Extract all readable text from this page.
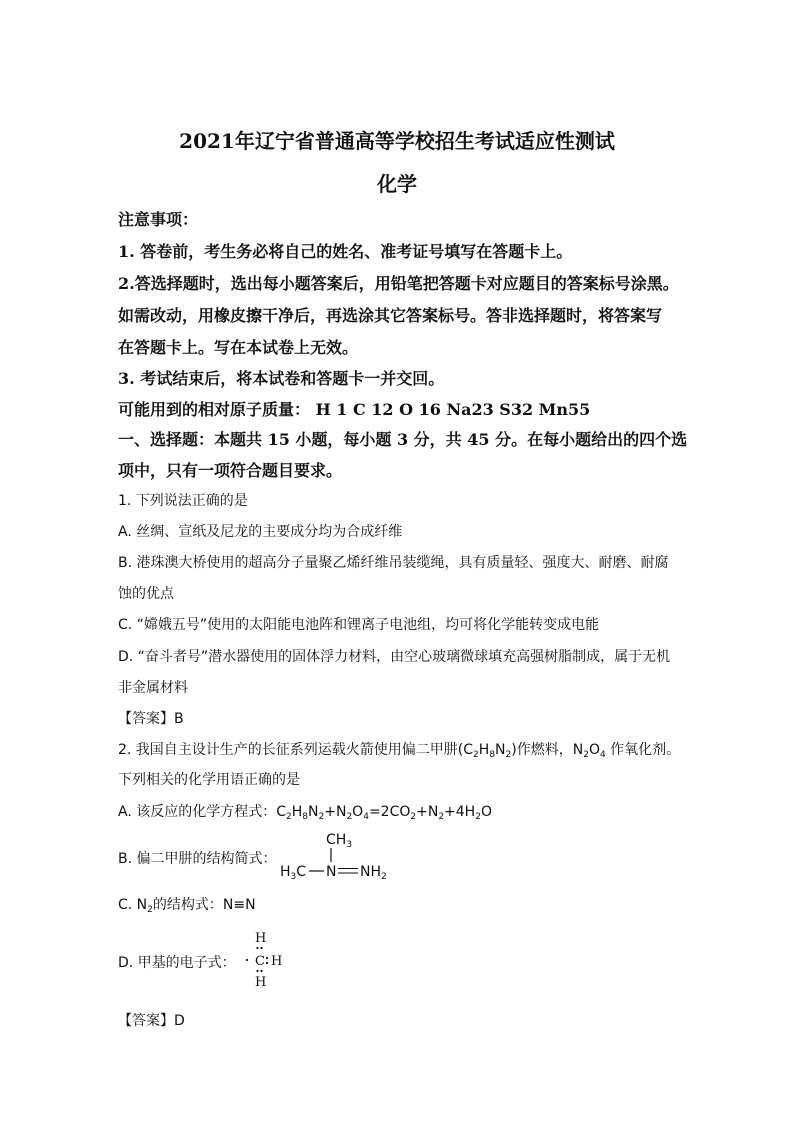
2021年辽宁省普通高等学校招生考试适应性测试
化学
注意事项：
1. 答卷前，考生务必将自己的姓名、准考证号填写在答题卡上。
2.答选择题时，选出每小题答案后，用铅笔把答题卡对应题目的答案标号涂黑。
如需改动，用橡皮擦干净后，再选涂其它答案标号。答非选择题时，将答案写
在答题卡上。写在本试卷上无效。
3. 考试结束后，将本试卷和答题卡一并交回。
可能用到的相对原子质量： H 1 C 12 O 16 Na23 S32 Mn55
一、选择题：本题共 15 小题，每小题 3 分，共 45 分。在每小题给出的四个选
项中，只有一项符合题目要求。
1. 下列说法正确的是
A. 丝绸、宣纸及尼龙的主要成分均为合成纤维
B. 港珠澳大桥使用的超高分子量聚乙烯纤维吊装缆绳，具有质量轻、强度大、耐磨、耐腐
蚀的优点
C. “嫦娥五号”使用的太阳能电池阵和锂离子电池组，均可将化学能转变成电能
D. “奋斗者号”潜水器使用的固体浮力材料，由空心玻璃微球填充高强树脂制成，属于无机
非金属材料
【答案】B
2. 我国自主设计生产的长征系列运载火箭使用偏二甲肼$(C_2H_8N_2)$作燃料，$N_2O_4$ 作氧化剂。
下列相关的化学用语正确的是
A. 该反应的化学方程式：$C_2H_8N_2+N_2O_4=2CO_2+N_2+4H_2O$
B. 偏二甲肼的结构简式：
$CH_3$
$H_3C$ N $NH_2$
C. $N_2$的结构式：N≡N
D. 甲基的电子式：
H
C H
H
【答案】D
